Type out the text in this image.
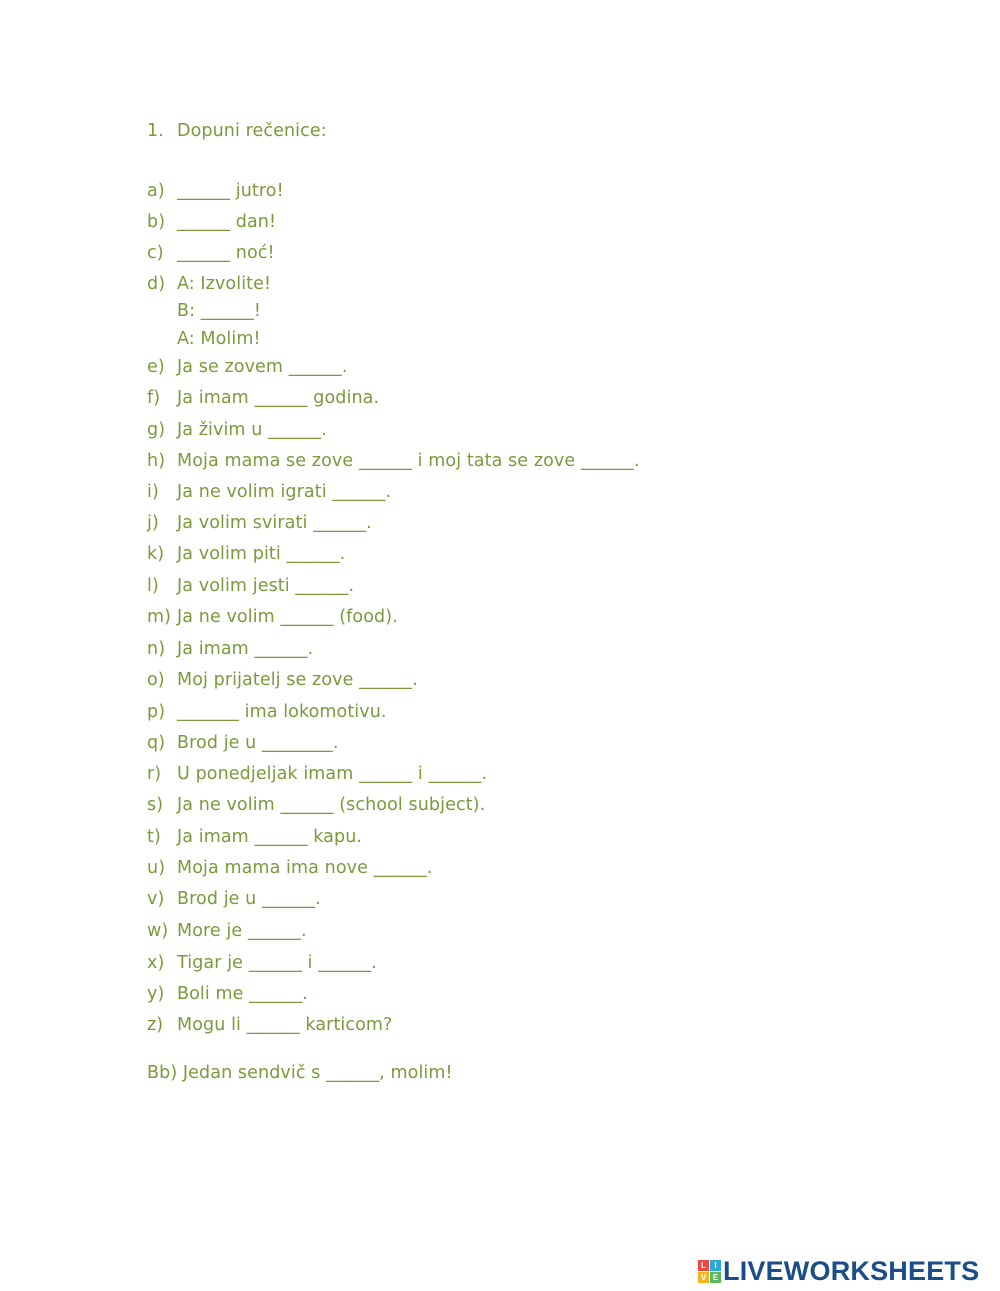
1. Dopuni rečenice:
a) ______ jutro!
b) ______ dan!
c) ______ noć!
d) A: Izvolite!
B: ______!
A: Molim!
e) Ja se zovem ______.
f) Ja imam ______ godina.
g) Ja živim u ______.
h) Moja mama se zove ______ i moj tata se zove ______.
i) Ja ne volim igrati ______.
j) Ja volim svirati ______.
k) Ja volim piti ______.
l) Ja volim jesti ______.
m) Ja ne volim ______ (food).
n) Ja imam ______.
o) Moj prijatelj se zove ______.
p) _______ ima lokomotivu.
q) Brod je u ________.
r) U ponedjeljak imam ______ i ______.
s) Ja ne volim ______ (school subject).
t) Ja imam ______ kapu.
u) Moja mama ima nove ______.
v) Brod je u ______.
w) More je ______.
x) Tigar je ______ i ______.
y) Boli me ______.
z) Mogu li ______ karticom?
Bb) Jedan sendvič s ______, molim!
L	I
V E LIVEWORKSHEETS
